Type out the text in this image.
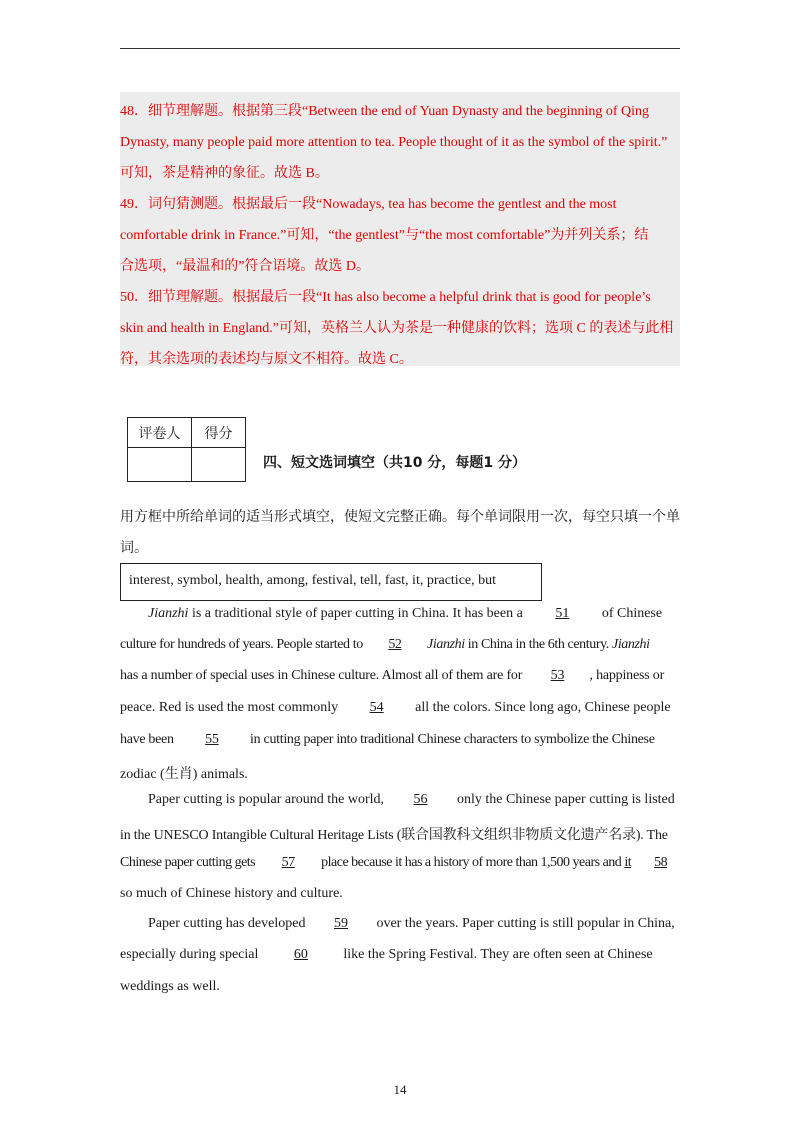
48．细节理解题。根据第三段“Between the end of Yuan Dynasty and the beginning of Qing
Dynasty, many people paid more attention to tea. People thought of it as the symbol of the spirit.”
可知，茶是精神的象征。故选 B。
49．词句猜测题。根据最后一段“Nowadays, tea has become the gentlest and the most
comfortable drink in France.”可知，“the gentlest”与“the most comfortable”为并列关系；结
合选项，“最温和的”符合语境。故选 D。
50．细节理解题。根据最后一段“It has also become a helpful drink that is good for people’s
skin and health in England.”可知，英格兰人认为茶是一种健康的饮料；选项 C 的表述与此相
符，其余选项的表述均与原文不相符。故选 C。
评卷人	得分

四、短文选词填空（共10 分，每题1 分）
用方框中所给单词的适当形式填空，使短文完整正确。每个单词限用一次，每空只填一个单词。
interest, symbol, health, among, festival, tell, fast, it, practice, but
Jianzhi is a traditional style of paper cutting in China. It has been a 51 of Chinese
culture for hundreds of years. People started to 52 Jianzhi in China in the 6th century. Jianzhi
has a number of special uses in Chinese culture. Almost all of them are for 53 , happiness or
peace. Red is used the most commonly 54 all the colors. Since long ago, Chinese people
have been 55 in cutting paper into traditional Chinese characters to symbolize the Chinese
zodiac (生肖) animals.
Paper cutting is popular around the world, 56 only the Chinese paper cutting is listed
in the UNESCO Intangible Cultural Heritage Lists (联合国教科文组织非物质文化遗产名录). The
Chinese paper cutting gets 57 place because it has a history of more than 1,500 years and it 58
so much of Chinese history and culture.
Paper cutting has developed 59 over the years. Paper cutting is still popular in China,
especially during special 60 like the Spring Festival. They are often seen at Chinese
weddings as well.
14
